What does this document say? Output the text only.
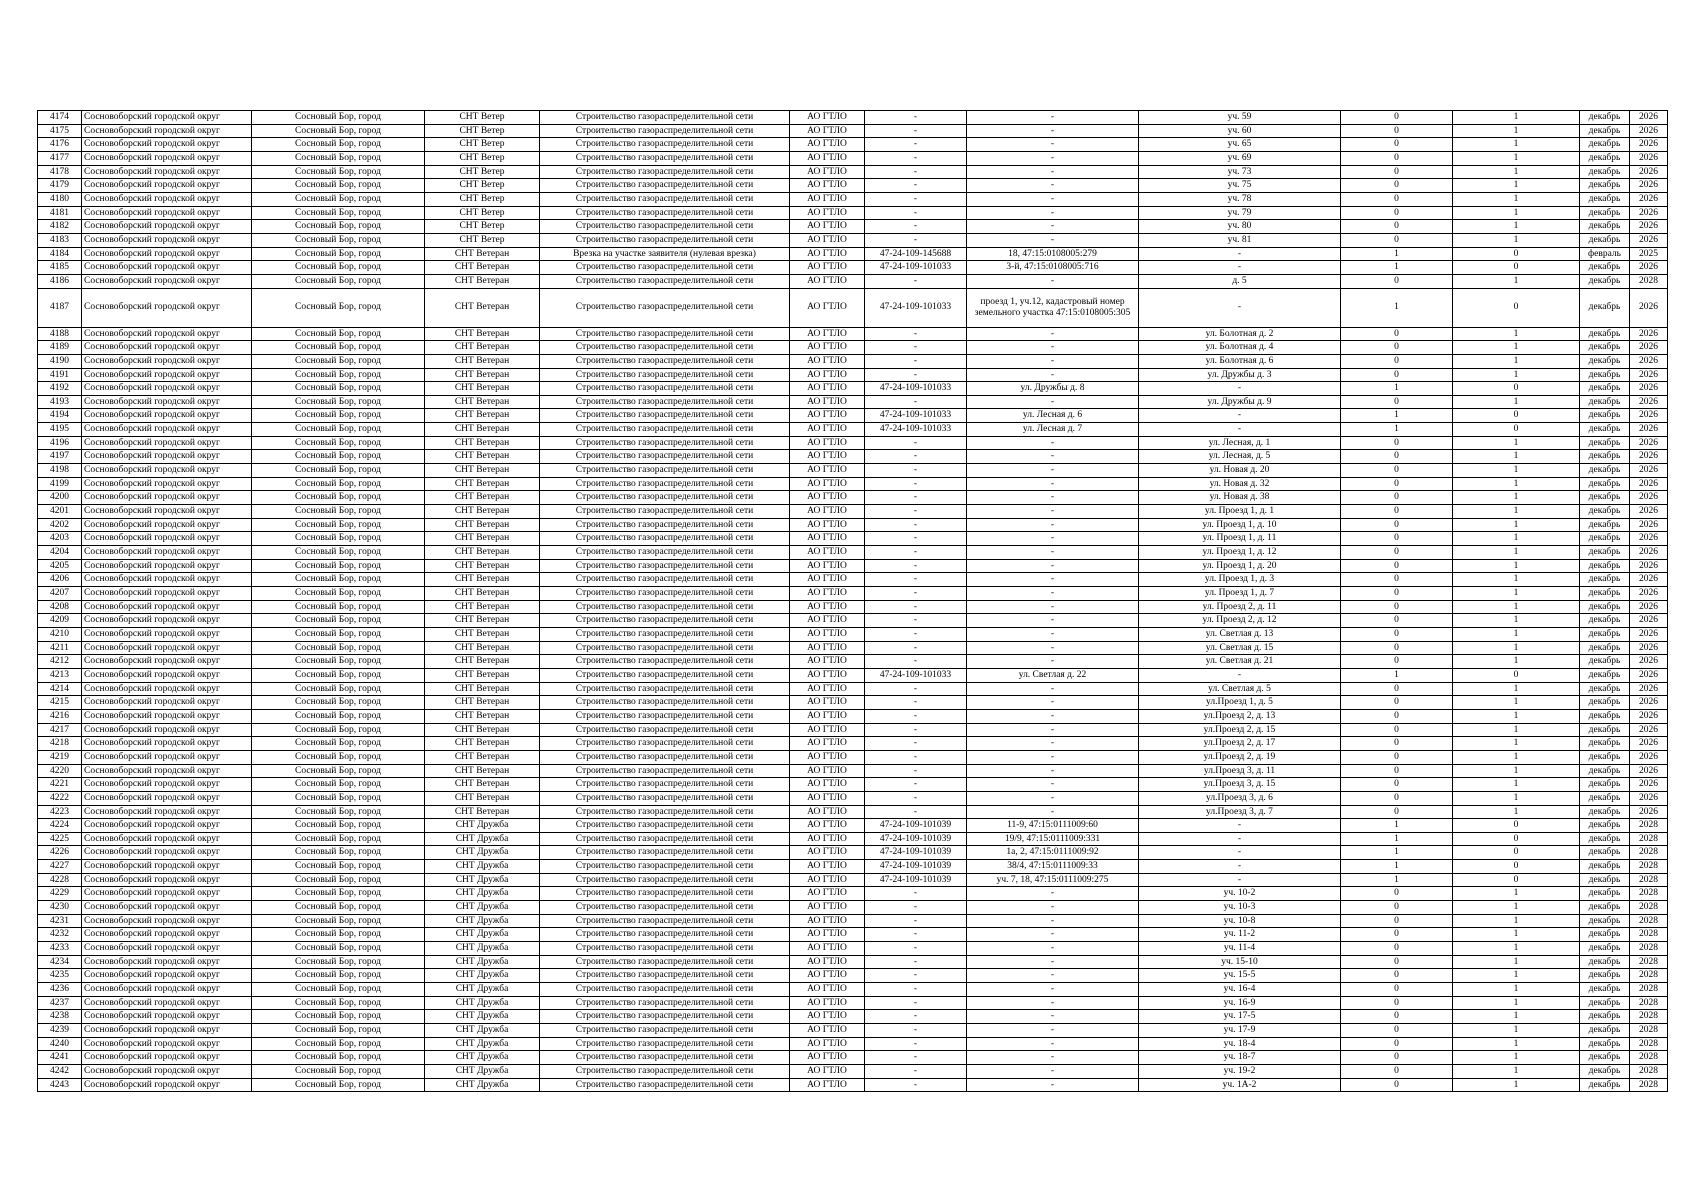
4174	Сосновоборский городской округ	Сосновый Бор, город	СНТ Ветер	Строительство газораспределительной сети	АО ГТЛО	-	-	уч. 59	0	1	декабрь	2026
4175	Сосновоборский городской округ	Сосновый Бор, город	СНТ Ветер	Строительство газораспределительной сети	АО ГТЛО	-	-	уч. 60	0	1	декабрь	2026
4176	Сосновоборский городской округ	Сосновый Бор, город	СНТ Ветер	Строительство газораспределительной сети	АО ГТЛО	-	-	уч. 65	0	1	декабрь	2026
4177	Сосновоборский городской округ	Сосновый Бор, город	СНТ Ветер	Строительство газораспределительной сети	АО ГТЛО	-	-	уч. 69	0	1	декабрь	2026
4178	Сосновоборский городской округ	Сосновый Бор, город	СНТ Ветер	Строительство газораспределительной сети	АО ГТЛО	-	-	уч. 73	0	1	декабрь	2026
4179	Сосновоборский городской округ	Сосновый Бор, город	СНТ Ветер	Строительство газораспределительной сети	АО ГТЛО	-	-	уч. 75	0	1	декабрь	2026
4180	Сосновоборский городской округ	Сосновый Бор, город	СНТ Ветер	Строительство газораспределительной сети	АО ГТЛО	-	-	уч. 78	0	1	декабрь	2026
4181	Сосновоборский городской округ	Сосновый Бор, город	СНТ Ветер	Строительство газораспределительной сети	АО ГТЛО	-	-	уч. 79	0	1	декабрь	2026
4182	Сосновоборский городской округ	Сосновый Бор, город	СНТ Ветер	Строительство газораспределительной сети	АО ГТЛО	-	-	уч. 80	0	1	декабрь	2026
4183	Сосновоборский городской округ	Сосновый Бор, город	СНТ Ветер	Строительство газораспределительной сети	АО ГТЛО	-	-	уч. 81	0	1	декабрь	2026
4184	Сосновоборский городской округ	Сосновый Бор, город	СНТ Ветеран	Врезка на участке заявителя (нулевая врезка)	АО ГТЛО	47-24-109-145688	18, 47:15:0108005:279	-	1	0	февраль	2025
4185	Сосновоборский городской округ	Сосновый Бор, город	СНТ Ветеран	Строительство газораспределительной сети	АО ГТЛО	47-24-109-101033	3-й, 47:15:0108005:716	-	1	0	декабрь	2026
4186	Сосновоборский городской округ	Сосновый Бор, город	СНТ Ветеран	Строительство газораспределительной сети	АО ГТЛО	-	-	д. 5	0	1	декабрь	2028
4187	Сосновоборский городской округ	Сосновый Бор, город	СНТ Ветеран	Строительство газораспределительной сети	АО ГТЛО	47-24-109-101033	проезд 1, уч.12, кадастровый номер земельного участка 47:15:0108005:305	-	1	0	декабрь	2026
4188	Сосновоборский городской округ	Сосновый Бор, город	СНТ Ветеран	Строительство газораспределительной сети	АО ГТЛО	-	-	ул. Болотная д. 2	0	1	декабрь	2026
4189	Сосновоборский городской округ	Сосновый Бор, город	СНТ Ветеран	Строительство газораспределительной сети	АО ГТЛО	-	-	ул. Болотная д. 4	0	1	декабрь	2026
4190	Сосновоборский городской округ	Сосновый Бор, город	СНТ Ветеран	Строительство газораспределительной сети	АО ГТЛО	-	-	ул. Болотная д. 6	0	1	декабрь	2026
4191	Сосновоборский городской округ	Сосновый Бор, город	СНТ Ветеран	Строительство газораспределительной сети	АО ГТЛО	-	-	ул. Дружбы д. 3	0	1	декабрь	2026
4192	Сосновоборский городской округ	Сосновый Бор, город	СНТ Ветеран	Строительство газораспределительной сети	АО ГТЛО	47-24-109-101033	ул. Дружбы д. 8	-	1	0	декабрь	2026
4193	Сосновоборский городской округ	Сосновый Бор, город	СНТ Ветеран	Строительство газораспределительной сети	АО ГТЛО	-	-	ул. Дружбы д. 9	0	1	декабрь	2026
4194	Сосновоборский городской округ	Сосновый Бор, город	СНТ Ветеран	Строительство газораспределительной сети	АО ГТЛО	47-24-109-101033	ул. Лесная д. 6	-	1	0	декабрь	2026
4195	Сосновоборский городской округ	Сосновый Бор, город	СНТ Ветеран	Строительство газораспределительной сети	АО ГТЛО	47-24-109-101033	ул. Лесная д. 7	-	1	0	декабрь	2026
4196	Сосновоборский городской округ	Сосновый Бор, город	СНТ Ветеран	Строительство газораспределительной сети	АО ГТЛО	-	-	ул. Лесная, д. 1	0	1	декабрь	2026
4197	Сосновоборский городской округ	Сосновый Бор, город	СНТ Ветеран	Строительство газораспределительной сети	АО ГТЛО	-	-	ул. Лесная, д. 5	0	1	декабрь	2026
4198	Сосновоборский городской округ	Сосновый Бор, город	СНТ Ветеран	Строительство газораспределительной сети	АО ГТЛО	-	-	ул. Новая д. 20	0	1	декабрь	2026
4199	Сосновоборский городской округ	Сосновый Бор, город	СНТ Ветеран	Строительство газораспределительной сети	АО ГТЛО	-	-	ул. Новая д. 32	0	1	декабрь	2026
4200	Сосновоборский городской округ	Сосновый Бор, город	СНТ Ветеран	Строительство газораспределительной сети	АО ГТЛО	-	-	ул. Новая д. 38	0	1	декабрь	2026
4201	Сосновоборский городской округ	Сосновый Бор, город	СНТ Ветеран	Строительство газораспределительной сети	АО ГТЛО	-	-	ул. Проезд 1, д. 1	0	1	декабрь	2026
4202	Сосновоборский городской округ	Сосновый Бор, город	СНТ Ветеран	Строительство газораспределительной сети	АО ГТЛО	-	-	ул. Проезд 1, д. 10	0	1	декабрь	2026
4203	Сосновоборский городской округ	Сосновый Бор, город	СНТ Ветеран	Строительство газораспределительной сети	АО ГТЛО	-	-	ул. Проезд 1, д. 11	0	1	декабрь	2026
4204	Сосновоборский городской округ	Сосновый Бор, город	СНТ Ветеран	Строительство газораспределительной сети	АО ГТЛО	-	-	ул. Проезд 1, д. 12	0	1	декабрь	2026
4205	Сосновоборский городской округ	Сосновый Бор, город	СНТ Ветеран	Строительство газораспределительной сети	АО ГТЛО	-	-	ул. Проезд 1, д. 20	0	1	декабрь	2026
4206	Сосновоборский городской округ	Сосновый Бор, город	СНТ Ветеран	Строительство газораспределительной сети	АО ГТЛО	-	-	ул. Проезд 1, д. 3	0	1	декабрь	2026
4207	Сосновоборский городской округ	Сосновый Бор, город	СНТ Ветеран	Строительство газораспределительной сети	АО ГТЛО	-	-	ул. Проезд 1, д. 7	0	1	декабрь	2026
4208	Сосновоборский городской округ	Сосновый Бор, город	СНТ Ветеран	Строительство газораспределительной сети	АО ГТЛО	-	-	ул. Проезд 2, д. 11	0	1	декабрь	2026
4209	Сосновоборский городской округ	Сосновый Бор, город	СНТ Ветеран	Строительство газораспределительной сети	АО ГТЛО	-	-	ул. Проезд 2, д. 12	0	1	декабрь	2026
4210	Сосновоборский городской округ	Сосновый Бор, город	СНТ Ветеран	Строительство газораспределительной сети	АО ГТЛО	-	-	ул. Светлая д. 13	0	1	декабрь	2026
4211	Сосновоборский городской округ	Сосновый Бор, город	СНТ Ветеран	Строительство газораспределительной сети	АО ГТЛО	-	-	ул. Светлая д. 15	0	1	декабрь	2026
4212	Сосновоборский городской округ	Сосновый Бор, город	СНТ Ветеран	Строительство газораспределительной сети	АО ГТЛО	-	-	ул. Светлая д. 21	0	1	декабрь	2026
4213	Сосновоборский городской округ	Сосновый Бор, город	СНТ Ветеран	Строительство газораспределительной сети	АО ГТЛО	47-24-109-101033	ул. Светлая д. 22	-	1	0	декабрь	2026
4214	Сосновоборский городской округ	Сосновый Бор, город	СНТ Ветеран	Строительство газораспределительной сети	АО ГТЛО	-	-	ул. Светлая д. 5	0	1	декабрь	2026
4215	Сосновоборский городской округ	Сосновый Бор, город	СНТ Ветеран	Строительство газораспределительной сети	АО ГТЛО	-	-	ул.Проезд 1, д. 5	0	1	декабрь	2026
4216	Сосновоборский городской округ	Сосновый Бор, город	СНТ Ветеран	Строительство газораспределительной сети	АО ГТЛО	-	-	ул.Проезд 2, д. 13	0	1	декабрь	2026
4217	Сосновоборский городской округ	Сосновый Бор, город	СНТ Ветеран	Строительство газораспределительной сети	АО ГТЛО	-	-	ул.Проезд 2, д. 15	0	1	декабрь	2026
4218	Сосновоборский городской округ	Сосновый Бор, город	СНТ Ветеран	Строительство газораспределительной сети	АО ГТЛО	-	-	ул.Проезд 2, д. 17	0	1	декабрь	2026
4219	Сосновоборский городской округ	Сосновый Бор, город	СНТ Ветеран	Строительство газораспределительной сети	АО ГТЛО	-	-	ул.Проезд 2, д. 19	0	1	декабрь	2026
4220	Сосновоборский городской округ	Сосновый Бор, город	СНТ Ветеран	Строительство газораспределительной сети	АО ГТЛО	-	-	ул.Проезд 3, д. 11	0	1	декабрь	2026
4221	Сосновоборский городской округ	Сосновый Бор, город	СНТ Ветеран	Строительство газораспределительной сети	АО ГТЛО	-	-	ул.Проезд 3, д. 15	0	1	декабрь	2026
4222	Сосновоборский городской округ	Сосновый Бор, город	СНТ Ветеран	Строительство газораспределительной сети	АО ГТЛО	-	-	ул.Проезд 3, д. 6	0	1	декабрь	2026
4223	Сосновоборский городской округ	Сосновый Бор, город	СНТ Ветеран	Строительство газораспределительной сети	АО ГТЛО	-	-	ул.Проезд 3, д. 7	0	1	декабрь	2026
4224	Сосновоборский городской округ	Сосновый Бор, город	СНТ Дружба	Строительство газораспределительной сети	АО ГТЛО	47-24-109-101039	11-9, 47:15:0111009:60	-	1	0	декабрь	2028
4225	Сосновоборский городской округ	Сосновый Бор, город	СНТ Дружба	Строительство газораспределительной сети	АО ГТЛО	47-24-109-101039	19/9, 47:15:0111009:331	-	1	0	декабрь	2028
4226	Сосновоборский городской округ	Сосновый Бор, город	СНТ Дружба	Строительство газораспределительной сети	АО ГТЛО	47-24-109-101039	1а, 2, 47:15:0111009:92	-	1	0	декабрь	2028
4227	Сосновоборский городской округ	Сосновый Бор, город	СНТ Дружба	Строительство газораспределительной сети	АО ГТЛО	47-24-109-101039	38/4, 47:15:0111009:33	-	1	0	декабрь	2028
4228	Сосновоборский городской округ	Сосновый Бор, город	СНТ Дружба	Строительство газораспределительной сети	АО ГТЛО	47-24-109-101039	уч. 7, 18, 47:15:0111009:275	-	1	0	декабрь	2028
4229	Сосновоборский городской округ	Сосновый Бор, город	СНТ Дружба	Строительство газораспределительной сети	АО ГТЛО	-	-	уч. 10-2	0	1	декабрь	2028
4230	Сосновоборский городской округ	Сосновый Бор, город	СНТ Дружба	Строительство газораспределительной сети	АО ГТЛО	-	-	уч. 10-3	0	1	декабрь	2028
4231	Сосновоборский городской округ	Сосновый Бор, город	СНТ Дружба	Строительство газораспределительной сети	АО ГТЛО	-	-	уч. 10-8	0	1	декабрь	2028
4232	Сосновоборский городской округ	Сосновый Бор, город	СНТ Дружба	Строительство газораспределительной сети	АО ГТЛО	-	-	уч. 11-2	0	1	декабрь	2028
4233	Сосновоборский городской округ	Сосновый Бор, город	СНТ Дружба	Строительство газораспределительной сети	АО ГТЛО	-	-	уч. 11-4	0	1	декабрь	2028
4234	Сосновоборский городской округ	Сосновый Бор, город	СНТ Дружба	Строительство газораспределительной сети	АО ГТЛО	-	-	уч. 15-10	0	1	декабрь	2028
4235	Сосновоборский городской округ	Сосновый Бор, город	СНТ Дружба	Строительство газораспределительной сети	АО ГТЛО	-	-	уч. 15-5	0	1	декабрь	2028
4236	Сосновоборский городской округ	Сосновый Бор, город	СНТ Дружба	Строительство газораспределительной сети	АО ГТЛО	-	-	уч. 16-4	0	1	декабрь	2028
4237	Сосновоборский городской округ	Сосновый Бор, город	СНТ Дружба	Строительство газораспределительной сети	АО ГТЛО	-	-	уч. 16-9	0	1	декабрь	2028
4238	Сосновоборский городской округ	Сосновый Бор, город	СНТ Дружба	Строительство газораспределительной сети	АО ГТЛО	-	-	уч. 17-5	0	1	декабрь	2028
4239	Сосновоборский городской округ	Сосновый Бор, город	СНТ Дружба	Строительство газораспределительной сети	АО ГТЛО	-	-	уч. 17-9	0	1	декабрь	2028
4240	Сосновоборский городской округ	Сосновый Бор, город	СНТ Дружба	Строительство газораспределительной сети	АО ГТЛО	-	-	уч. 18-4	0	1	декабрь	2028
4241	Сосновоборский городской округ	Сосновый Бор, город	СНТ Дружба	Строительство газораспределительной сети	АО ГТЛО	-	-	уч. 18-7	0	1	декабрь	2028
4242	Сосновоборский городской округ	Сосновый Бор, город	СНТ Дружба	Строительство газораспределительной сети	АО ГТЛО	-	-	уч. 19-2	0	1	декабрь	2028
4243	Сосновоборский городской округ	Сосновый Бор, город	СНТ Дружба	Строительство газораспределительной сети	АО ГТЛО	-	-	уч. 1А-2	0	1	декабрь	2028
